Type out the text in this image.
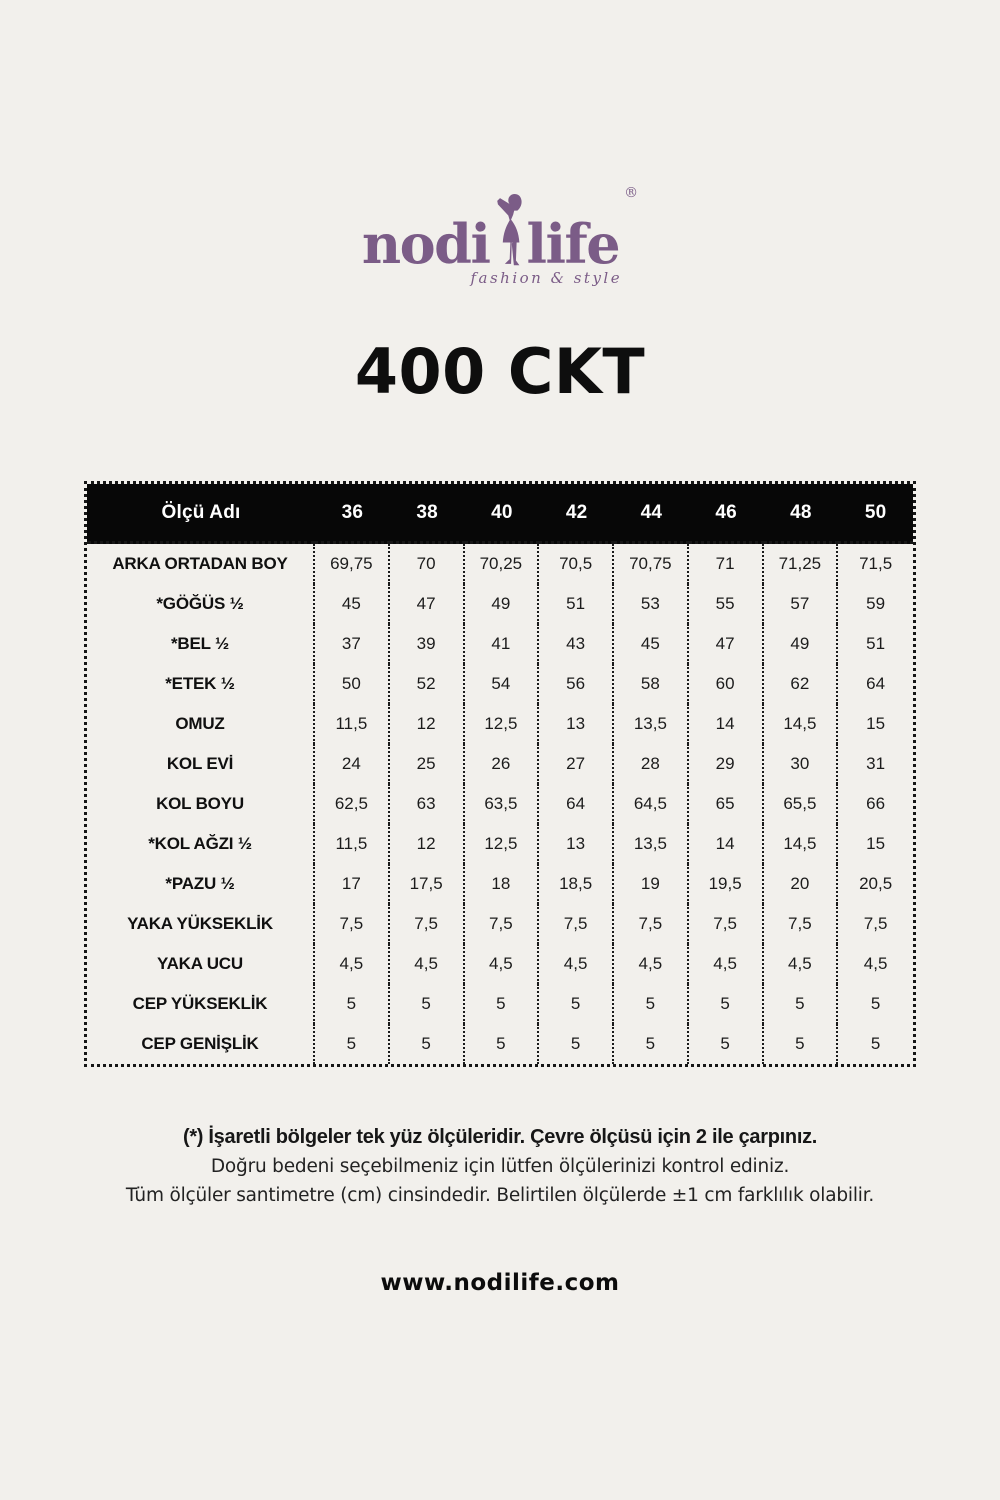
nodi life
®
fashion & style
400 CKT
Ölçü Adı	36	38	40	42	44	46	48	50
ARKA ORTADAN BOY	69,75	70	70,25	70,5	70,75	71	71,25	71,5
*GÖĞÜS ½	45	47	49	51	53	55	57	59
*BEL ½	37	39	41	43	45	47	49	51
*ETEK ½	50	52	54	56	58	60	62	64
OMUZ	11,5	12	12,5	13	13,5	14	14,5	15
KOL EVİ	24	25	26	27	28	29	30	31
KOL BOYU	62,5	63	63,5	64	64,5	65	65,5	66
*KOL AĞZI ½	11,5	12	12,5	13	13,5	14	14,5	15
*PAZU ½	17	17,5	18	18,5	19	19,5	20	20,5
YAKA YÜKSEKLİK	7,5	7,5	7,5	7,5	7,5	7,5	7,5	7,5
YAKA UCU	4,5	4,5	4,5	4,5	4,5	4,5	4,5	4,5
CEP YÜKSEKLİK	5	5	5	5	5	5	5	5
CEP GENİŞLİK	5	5	5	5	5	5	5	5
(*) İşaretli bölgeler tek yüz ölçüleridir. Çevre ölçüsü için 2 ile çarpınız.
Doğru bedeni seçebilmeniz için lütfen ölçülerinizi kontrol ediniz.
Tüm ölçüler santimetre (cm) cinsindedir. Belirtilen ölçülerde ±1 cm farklılık olabilir.
www.nodilife.com
